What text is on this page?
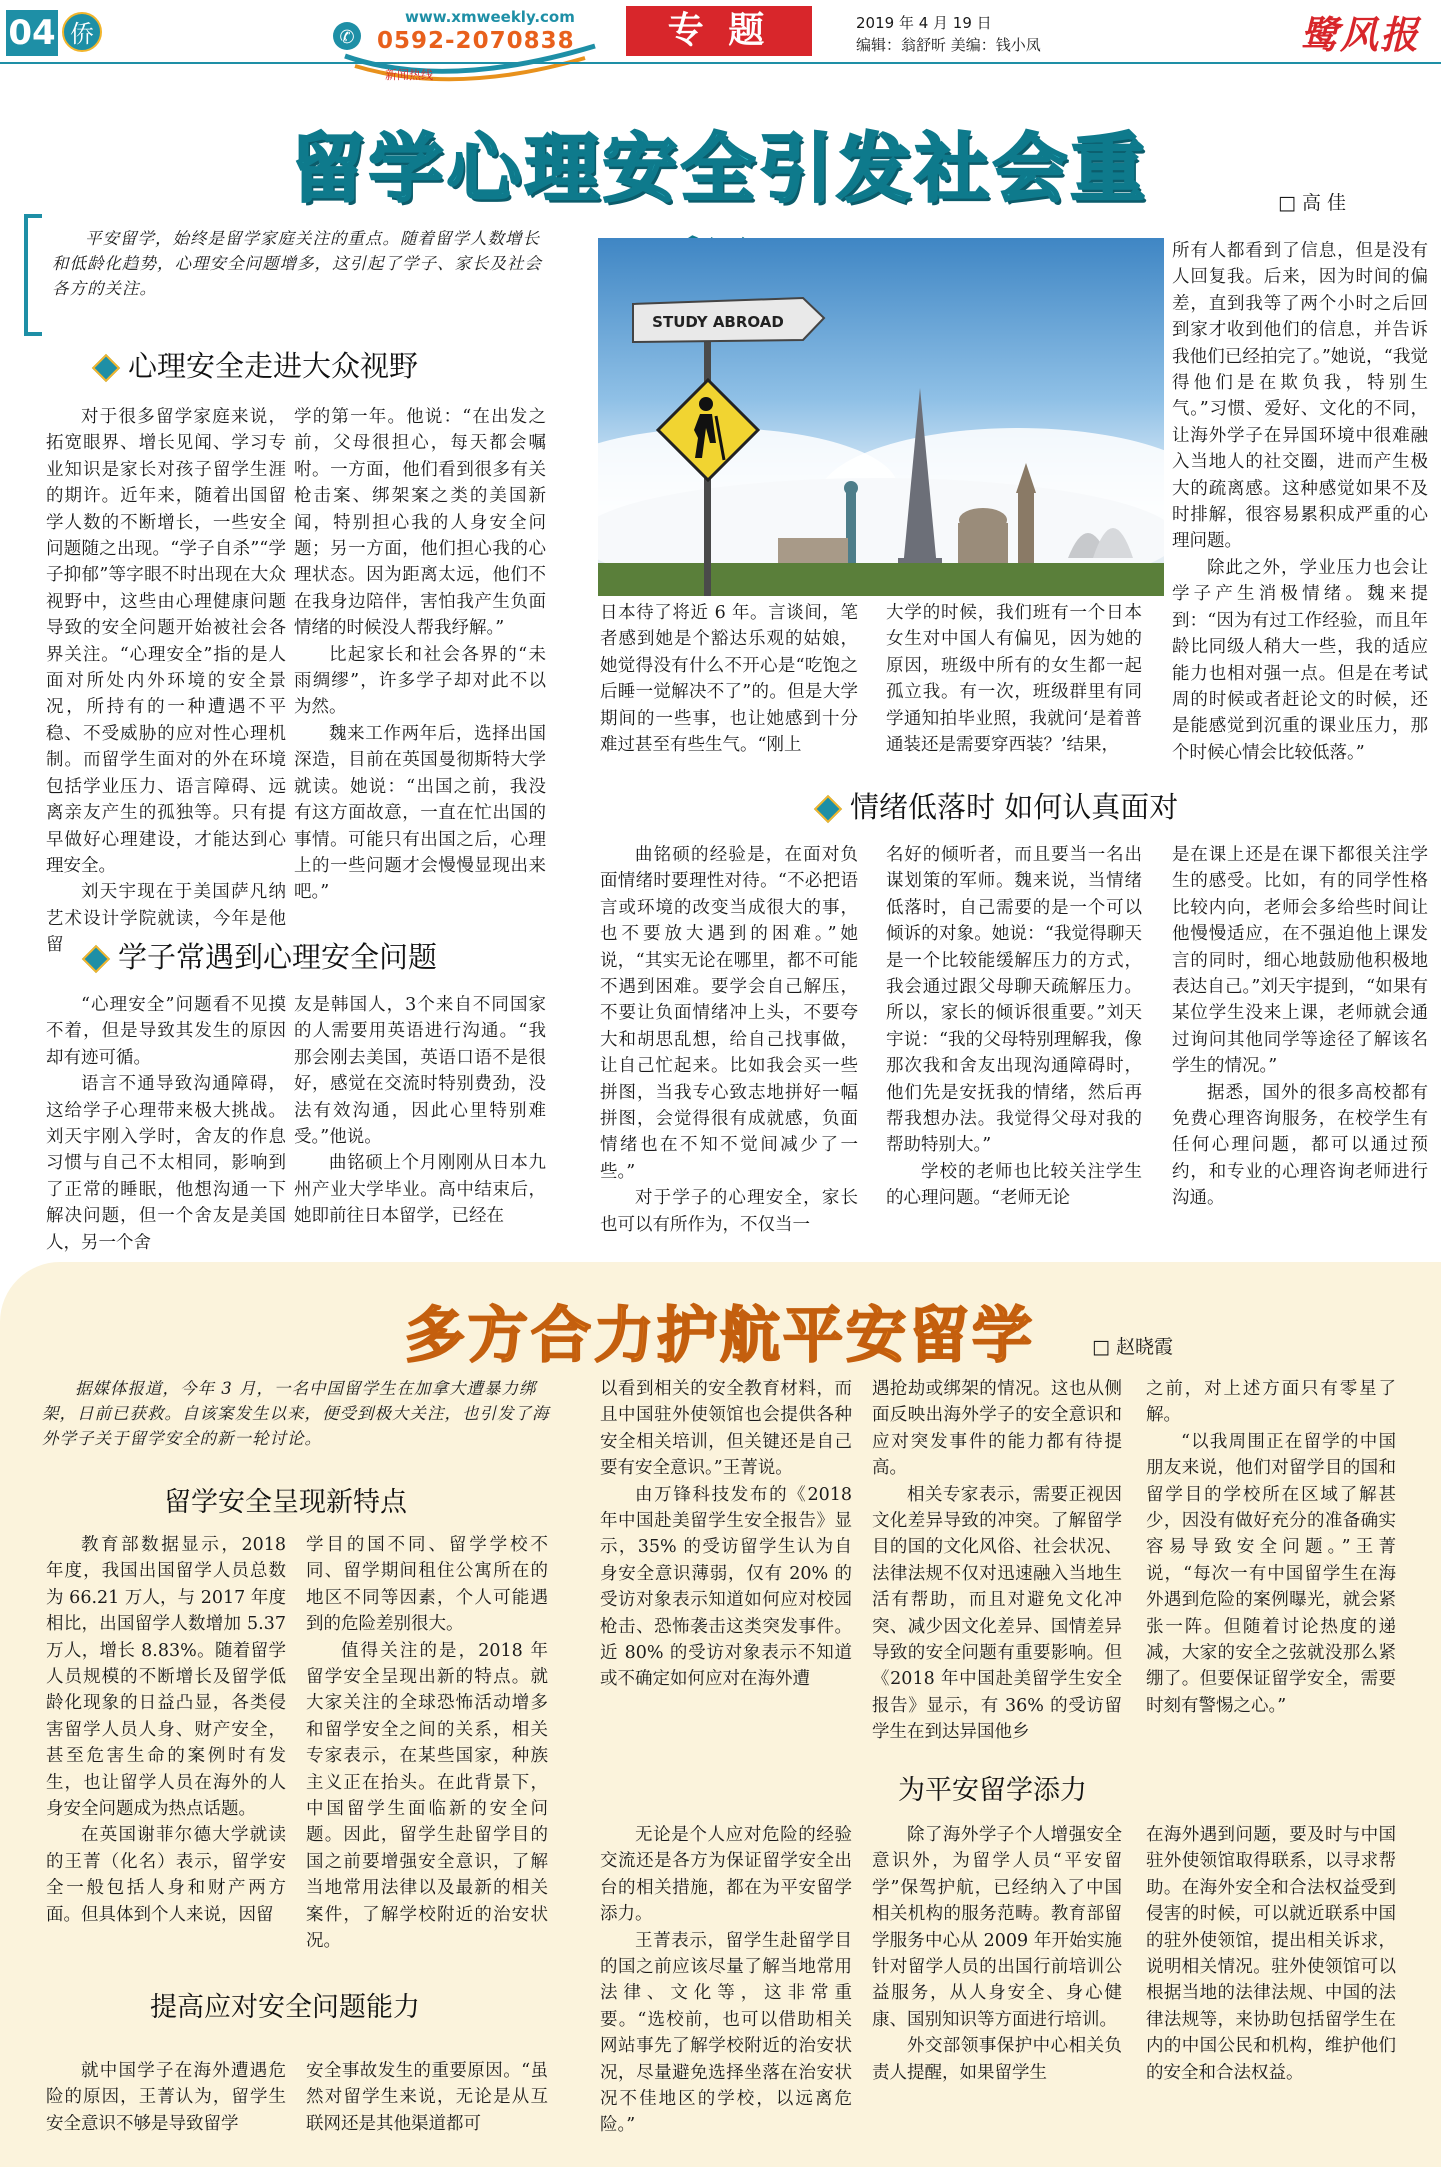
04 侨	✆
www.xmweekly.com
0592-2070838
新闻热线
专 题	2019 年 4 月 19 日
编辑：翁舒昕 美编：钱小凤	鹭风报
留学心理安全引发社会重	□ 高 佳
平安留学，始终是留学家庭关注的重点。随着留学人数增长和低龄化趋势，心理安全问题增多，这引起了学子、家长及社会各方的关注。
心理安全走进大众视野

对于很多留学家庭来说，拓宽眼界、增长见闻、学习专业知识是家长对孩子留学生涯的期许。近年来，随着出国留学人数的不断增长，一些安全问题随之出现。“学子自杀”“学子抑郁”等字眼不时出现在大众视野中，这些由心理健康问题导致的安全问题开始被社会各界关注。“心理安全”指的是人面对所处内外环境的安全景况，所持有的一种遭遇不平稳、不受威胁的应对性心理机制。而留学生面对的外在环境包括学业压力、语言障碍、远离亲友产生的孤独等。只有提早做好心理建设，才能达到心理安全。

刘天宇现在于美国萨凡纳艺术设计学院就读，今年是他留

学的第一年。他说：“在出发之前，父母很担心，每天都会嘱咐。一方面，他们看到很多有关枪击案、绑架案之类的美国新闻，特别担心我的人身安全问题；另一方面，他们担心我的心理状态。因为距离太远，他们不在我身边陪伴，害怕我产生负面情绪的时候没人帮我纾解。”

比起家长和社会各界的“未雨绸缪”，许多学子却对此不以为然。

魏来工作两年后，选择出国深造，目前在英国曼彻斯特大学就读。她说：“出国之前，我没有这方面故意，一直在忙出国的事情。可能只有出国之后，心理上的一些问题才会慢慢显现出来吧。”

学子常遇到心理安全问题

“心理安全”问题看不见摸不着，但是导致其发生的原因却有迹可循。

语言不通导致沟通障碍，这给学子心理带来极大挑战。刘天宇刚入学时，舍友的作息习惯与自己不太相同，影响到了正常的睡眠，他想沟通一下解决问题，但一个舍友是美国人，另一个舍

友是韩国人，3个来自不同国家的人需要用英语进行沟通。“我那会刚去美国，英语口语不是很好，感觉在交流时特别费劲，没法有效沟通，因此心里特别难受。”他说。

曲铭硕上个月刚刚从日本九州产业大学毕业。高中结束后，她即前往日本留学，已经在

STUDY ABROAD

日本待了将近 6 年。言谈间，笔者感到她是个豁达乐观的姑娘，她觉得没有什么不开心是“吃饱之后睡一觉解决不了”的。但是大学期间的一些事，也让她感到十分难过甚至有些生气。“刚上

大学的时候，我们班有一个日本女生对中国人有偏见，因为她的原因，班级中所有的女生都一起孤立我。有一次，班级群里有同学通知拍毕业照，我就问‘是着普通装还是需要穿西装？’结果，

所有人都看到了信息，但是没有人回复我。后来，因为时间的偏差，直到我等了两个小时之后回到家才收到他们的信息，并告诉我他们已经拍完了。”她说，“我觉得他们是在欺负我，特别生气。”习惯、爱好、文化的不同，让海外学子在异国环境中很难融入当地人的社交圈，进而产生极大的疏离感。这种感觉如果不及时排解，很容易累积成严重的心理问题。

除此之外，学业压力也会让学子产生消极情绪。魏来提到：“因为有过工作经验，而且年龄比同级人稍大一些，我的适应能力也相对强一点。但是在考试周的时候或者赶论文的时候，还是能感觉到沉重的课业压力，那个时候心情会比较低落。”

情绪低落时 如何认真面对

曲铭硕的经验是，在面对负面情绪时要理性对待。“不必把语言或环境的改变当成很大的事，也不要放大遇到的困难。”她说，“其实无论在哪里，都不可能不遇到困难。要学会自己解压，不要让负面情绪冲上头，不要夸大和胡思乱想，给自己找事做，让自己忙起来。比如我会买一些拼图，当我专心致志地拼好一幅拼图，会觉得很有成就感，负面情绪也在不知不觉间减少了一些。”

对于学子的心理安全，家长也可以有所作为，不仅当一

名好的倾听者，而且要当一名出谋划策的军师。魏来说，当情绪低落时，自己需要的是一个可以倾诉的对象。她说：“我觉得聊天是一个比较能缓解压力的方式，我会通过跟父母聊天疏解压力。所以，家长的倾诉很重要。”刘天宇说：“我的父母特别理解我，像那次我和舍友出现沟通障碍时，他们先是安抚我的情绪，然后再帮我想办法。我觉得父母对我的帮助特别大。”

学校的老师也比较关注学生的心理问题。“老师无论

是在课上还是在课下都很关注学生的感受。比如，有的同学性格比较内向，老师会多给些时间让他慢慢适应，在不强迫他上课发言的同时，细心地鼓励他积极地表达自己。”刘天宇提到，“如果有某位学生没来上课，老师就会通过询问其他同学等途径了解该名学生的情况。”

据悉，国外的很多高校都有免费心理咨询服务，在校学生有任何心理问题，都可以通过预约，和专业的心理咨询老师进行沟通。

多方合力护航平安留学	□ 赵晓霞
据媒体报道，今年 3 月，一名中国留学生在加拿大遭暴力绑架，日前已获救。自该案发生以来，便受到极大关注，也引发了海外学子关于留学安全的新一轮讨论。
留学安全呈现新特点

教育部数据显示，2018 年度，我国出国留学人员总数为 66.21 万人，与 2017 年度相比，出国留学人数增加 5.37 万人，增长 8.83%。随着留学人员规模的不断增长及留学低龄化现象的日益凸显，各类侵害留学人员人身、财产安全，甚至危害生命的案例时有发生，也让留学人员在海外的人身安全问题成为热点话题。

在英国谢菲尔德大学就读的王菁（化名）表示，留学安全一般包括人身和财产两方面。但具体到个人来说，因留

学目的国不同、留学学校不同、留学期间租住公寓所在的地区不同等因素，个人可能遇到的危险差别很大。

值得关注的是，2018 年留学安全呈现出新的特点。就大家关注的全球恐怖活动增多和留学安全之间的关系，相关专家表示，在某些国家，种族主义正在抬头。在此背景下，中国留学生面临新的安全问题。因此，留学生赴留学目的国之前要增强安全意识，了解当地常用法律以及最新的相关案件，了解学校附近的治安状况。

提高应对安全问题能力

就中国学子在海外遭遇危险的原因，王菁认为，留学生安全意识不够是导致留学

安全事故发生的重要原因。“虽然对留学生来说，无论是从互联网还是其他渠道都可

以看到相关的安全教育材料，而且中国驻外使领馆也会提供各种安全相关培训，但关键还是自己要有安全意识。”王菁说。

由万锋科技发布的《2018 年中国赴美留学生安全报告》显示，35% 的受访留学生认为自身安全意识薄弱，仅有 20% 的受访对象表示知道如何应对校园枪击、恐怖袭击这类突发事件。近 80% 的受访对象表示不知道或不确定如何应对在海外遭

遇抢劫或绑架的情况。这也从侧面反映出海外学子的安全意识和应对突发事件的能力都有待提高。

相关专家表示，需要正视因文化差异导致的冲突。了解留学目的国的文化风俗、社会状况、法律法规不仅对迅速融入当地生活有帮助，而且对避免文化冲突、减少因文化差异、国情差异导致的安全问题有重要影响。但《2018 年中国赴美留学生安全报告》显示，有 36% 的受访留学生在到达异国他乡

之前，对上述方面只有零星了解。

“以我周围正在留学的中国朋友来说，他们对留学目的国和留学目的学校所在区域了解甚少，因没有做好充分的准备确实容易导致安全问题。”王菁说，“每次一有中国留学生在海外遇到危险的案例曝光，就会紧张一阵。但随着讨论热度的递减，大家的安全之弦就没那么紧绷了。但要保证留学安全，需要时刻有警惕之心。”

为平安留学添力

无论是个人应对危险的经验交流还是各方为保证留学安全出台的相关措施，都在为平安留学添力。

王菁表示，留学生赴留学目的国之前应该尽量了解当地常用法律、文化等，这非常重要。“选校前，也可以借助相关网站事先了解学校附近的治安状况，尽量避免选择坐落在治安状况不佳地区的学校，以远离危险。”

除了海外学子个人增强安全意识外，为留学人员“平安留学”保驾护航，已经纳入了中国相关机构的服务范畴。教育部留学服务中心从 2009 年开始实施针对留学人员的出国行前培训公益服务，从人身安全、身心健康、国别知识等方面进行培训。

外交部领事保护中心相关负责人提醒，如果留学生

在海外遇到问题，要及时与中国驻外使领馆取得联系，以寻求帮助。在海外安全和合法权益受到侵害的时候，可以就近联系中国的驻外使领馆，提出相关诉求，说明相关情况。驻外使领馆可以根据当地的法律法规、中国的法律法规等，来协助包括留学生在内的中国公民和机构，维护他们的安全和合法权益。
